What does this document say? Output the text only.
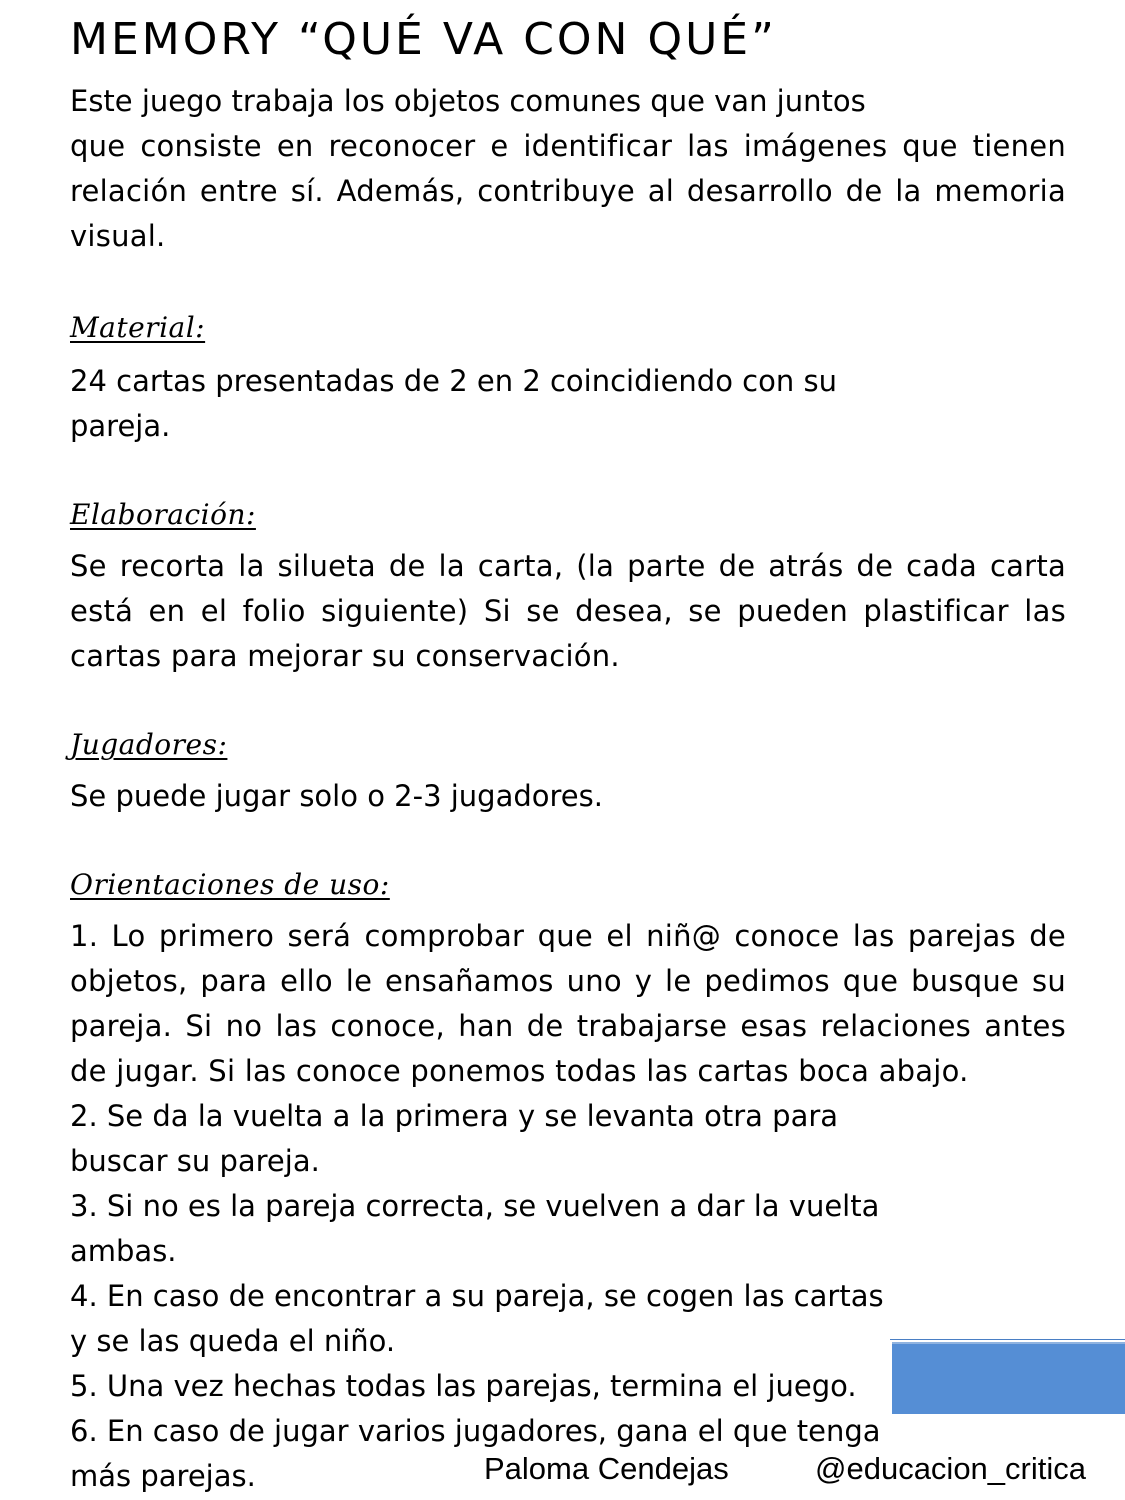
MEMORY “QUÉ VA CON QUÉ”

Este juego trabaja los objetos comunes que van juntos

que consiste en reconocer e identificar las imágenes que tienen relación entre sí. Además, contribuye al desarrollo de la memoria visual.

Material:

24 cartas presentadas de 2 en 2 coincidiendo con su
pareja.

Elaboración:

Se recorta la silueta de la carta, (la parte de atrás de cada carta está en el folio siguiente) Si se desea, se pueden plastificar las cartas para mejorar su conservación.

Jugadores:

Se puede jugar solo o 2-3 jugadores.

Orientaciones de uso:

1. Lo primero será comprobar que el niñ@ conoce las parejas de objetos, para ello le ensañamos uno y le pedimos que busque su pareja. Si no las conoce, han de trabajarse esas relaciones antes de jugar. Si las conoce ponemos todas las cartas boca abajo.

2. Se da la vuelta a la primera y se levanta otra para
buscar su pareja.
3. Si no es la pareja correcta, se vuelven a dar la vuelta
ambas.
4. En caso de encontrar a su pareja, se cogen las cartas
y se las queda el niño.
5. Una vez hechas todas las parejas, termina el juego.
6. En caso de jugar varios jugadores, gana el que tenga
más parejas.	Paloma Cendejas	@educacion_critica
